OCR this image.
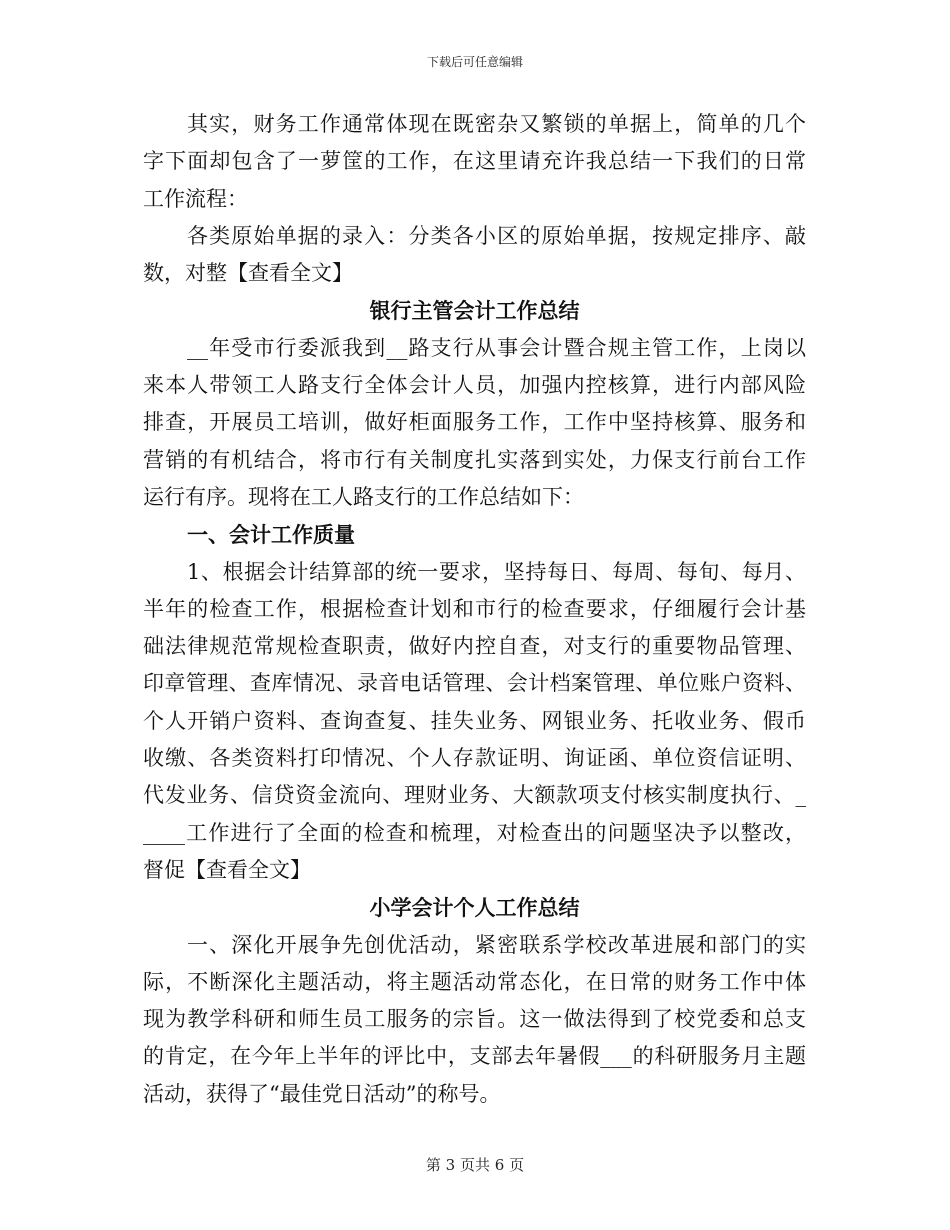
下载后可任意编辑
其实，财务工作通常体现在既密杂又繁锁的单据上，简单的几个
字下面却包含了一萝筐的工作，在这里请充许我总结一下我们的日常
工作流程：
各类原始单据的录入：分类各小区的原始单据，按规定排序、敲
数，对整【查看全文】
银行主管会计工作总结
__年受市行委派我到__路支行从事会计暨合规主管工作，上岗以
来本人带领工人路支行全体会计人员，加强内控核算，进行内部风险
排查，开展员工培训，做好柜面服务工作，工作中坚持核算、服务和
营销的有机结合，将市行有关制度扎实落到实处，力保支行前台工作
运行有序。现将在工人路支行的工作总结如下：
一、会计工作质量
1、根据会计结算部的统一要求，坚持每日、每周、每旬、每月、
半年的检查工作，根据检查计划和市行的检查要求，仔细履行会计基
础法律规范常规检查职责，做好内控自查，对支行的重要物品管理、
印章管理、查库情况、录音电话管理、会计档案管理、单位账户资料、
个人开销户资料、查询查复、挂失业务、网银业务、托收业务、假币
收缴、各类资料打印情况、个人存款证明、询证函、单位资信证明、
代发业务、信贷资金流向、理财业务、大额款项支付核实制度执行、_
____工作进行了全面的检查和梳理，对检查出的问题坚决予以整改，
督促【查看全文】
小学会计个人工作总结
一、深化开展争先创优活动，紧密联系学校改革进展和部门的实
际，不断深化主题活动，将主题活动常态化，在日常的财务工作中体
现为教学科研和师生员工服务的宗旨。这一做法得到了校党委和总支
的肯定，在今年上半年的评比中，支部去年暑假___的科研服务月主题
活动，获得了“最佳党日活动”的称号。
第 3 页共 6 页
